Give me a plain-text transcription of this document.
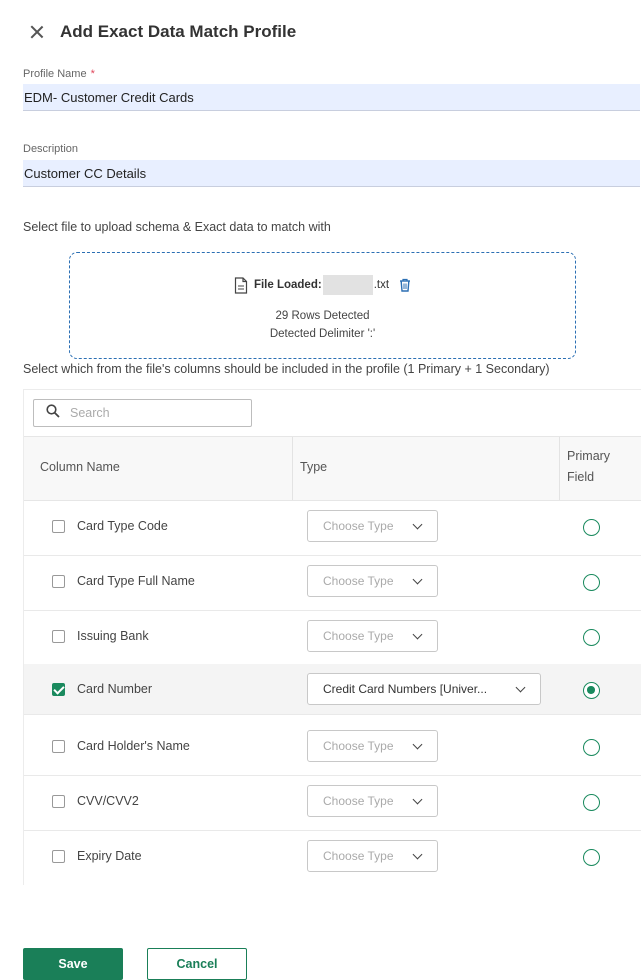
Add Exact Data Match Profile
Profile Name *
EDM- Customer Credit Cards
Description
Customer CC Details
Select file to upload schema & Exact data to match with
File Loaded:	.txt
29 Rows Detected
Detected Delimiter ':'
Select which from the file's columns should be included in the profile (1 Primary + 1 Secondary)
Search
Column Name	Type
Primary
Field
Card Type Code	Choose Type
Card Type Full Name	Choose Type
Issuing Bank	Choose Type
Card Number	Credit Card Numbers [Univer...
Card Holder's Name	Choose Type
CVV/CVV2	Choose Type
Expiry Date	Choose Type
Save	Cancel
